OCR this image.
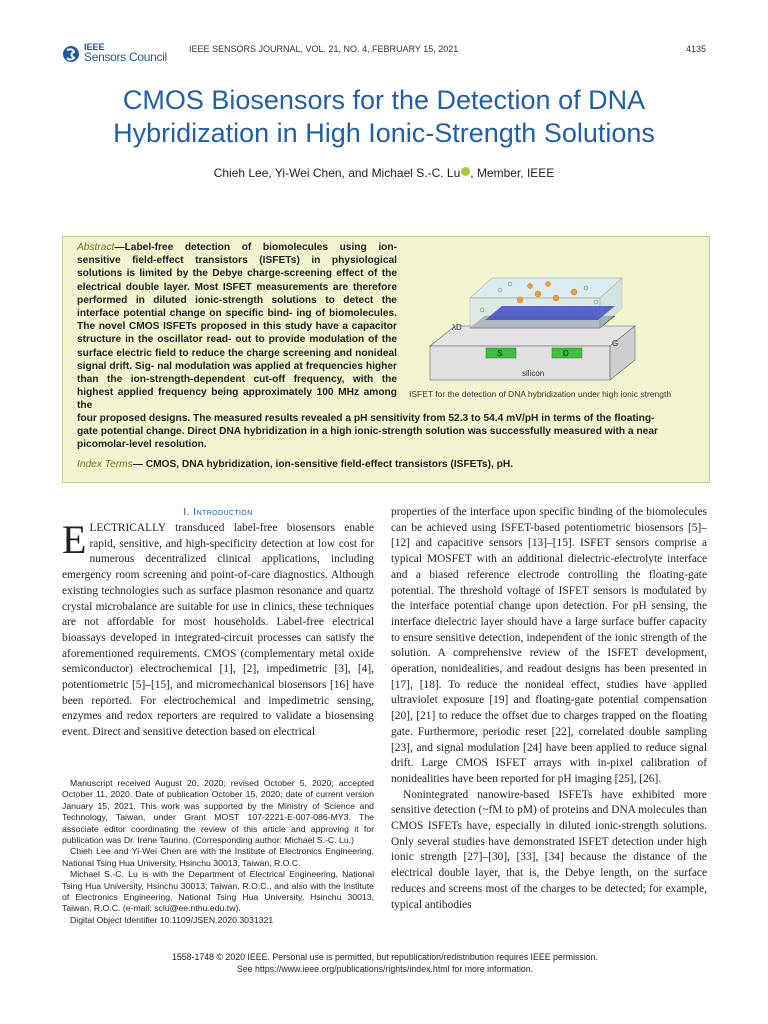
IEEE
Sensors Council
IEEE SENSORS JOURNAL, VOL. 21, NO. 4, FEBRUARY 15, 2021	4135
CMOS Biosensors for the Detection of DNA
Hybridization in High Ionic-Strength Solutions
Chieh Lee, Yi-Wei Chen, and Michael S.-C. Lu , Member, IEEE
Abstract—Label-free detection of biomolecules using ion- sensitive field-effect transistors (ISFETs) in physiological solutions is limited by the Debye charge-screening effect of the electrical double layer. Most ISFET measurements are therefore performed in diluted ionic-strength solutions to detect the interface potential change on specific bind- ing of biomolecules. The novel CMOS ISFETs proposed in this study have a capacitor structure in the oscillator read- out to provide modulation of the surface electric field to reduce the charge screening and nonideal signal drift. Sig- nal modulation was applied at frequencies higher than the ion-strength-dependent cut-off frequency, with the highest applied frequency being approximately 100 MHz among the
four proposed designs. The measured results revealed a pH sensitivity from 52.3 to 54.4 mV/pH in terms of the floating-
gate potential change. Direct DNA hybridization in a high ionic-strength solution was successfully measured with a near
picomolar-level resolution.
Index Terms— CMOS, DNA hybridization, ion-sensitive field-effect transistors (ISFETs), pH.
ISFET for the detection of DNA hybridization under high ionic strength
λD
G
S	D
silicon
I. Introduction

ELECTRICALLY transduced label-free biosensors enable rapid, sensitive, and high-specificity detection at low cost for numerous decentralized clinical applications, including emergency room screening and point-of-care diagnostics. Although existing technologies such as surface plasmon resonance and quartz crystal microbalance are suitable for use in clinics, these techniques are not affordable for most households. Label-free electrical bioassays developed in integrated-circuit processes can satisfy the aforementioned requirements. CMOS (complementary metal oxide semiconductor) electrochemical [1], [2], impedimetric [3], [4], potentiometric [5]–[15], and micromechanical biosensors [16] have been reported. For electrochemical and impedimetric sensing, enzymes and redox reporters are required to validate a biosensing event. Direct and sensitive detection based on electrical

Manuscript received August 20, 2020; revised October 5, 2020; accepted October 11, 2020. Date of publication October 15, 2020; date of current version January 15, 2021. This work was supported by the Ministry of Science and Technology, Taiwan, under Grant MOST 107-2221-E-007-086-MY3. The associate editor coordinating the review of this article and approving it for publication was Dr. Irene Taurino. (Corresponding author: Michael S.-C. Lu.)

Chieh Lee and Yi-Wei Chen are with the Institute of Electronics Engineering, National Tsing Hua University, Hsinchu 30013, Taiwan, R.O.C.

Michael S.-C. Lu is with the Department of Electrical Engineering, National Tsing Hua University, Hsinchu 30013, Taiwan, R.O.C., and also with the Institute of Electronics Engineering, National Tsing Hua University, Hsinchu 30013, Taiwan, R.O.C. (e-mail: sclu@ee.nthu.edu.tw).

Digital Object Identifier 10.1109/JSEN.2020.3031321

properties of the interface upon specific binding of the biomolecules can be achieved using ISFET-based potentiometric biosensors [5]–[12] and capacitive sensors [13]–[15]. ISFET sensors comprise a typical MOSFET with an additional dielectric-electrolyte interface and a biased reference electrode controlling the floating-gate potential. The threshold voltage of ISFET sensors is modulated by the interface potential change upon detection. For pH sensing, the interface dielectric layer should have a large surface buffer capacity to ensure sensitive detection, independent of the ionic strength of the solution. A comprehensive review of the ISFET development, operation, nonidealities, and readout designs has been presented in [17], [18]. To reduce the nonideal effect, studies have applied ultraviolet exposure [19] and floating-gate potential compensation [20], [21] to reduce the offset due to charges trapped on the floating gate. Furthermore, periodic reset [22], correlated double sampling [23], and signal modulation [24] have been applied to reduce signal drift. Large CMOS ISFET arrays with in-pixel calibration of nonidealities have been reported for pH imaging [25], [26].

Nonintegrated nanowire-based ISFETs have exhibited more sensitive detection (~fM to pM) of proteins and DNA molecules than CMOS ISFETs have, especially in diluted ionic-strength solutions. Only several studies have demonstrated ISFET detection under high ionic strength [27]–[30], [33], [34] because the distance of the electrical double layer, that is, the Debye length, on the surface reduces and screens most of the charges to be detected; for example, typical antibodies

1558-1748 © 2020 IEEE. Personal use is permitted, but republication/redistribution requires IEEE permission.
See https://www.ieee.org/publications/rights/index.html for more information.
